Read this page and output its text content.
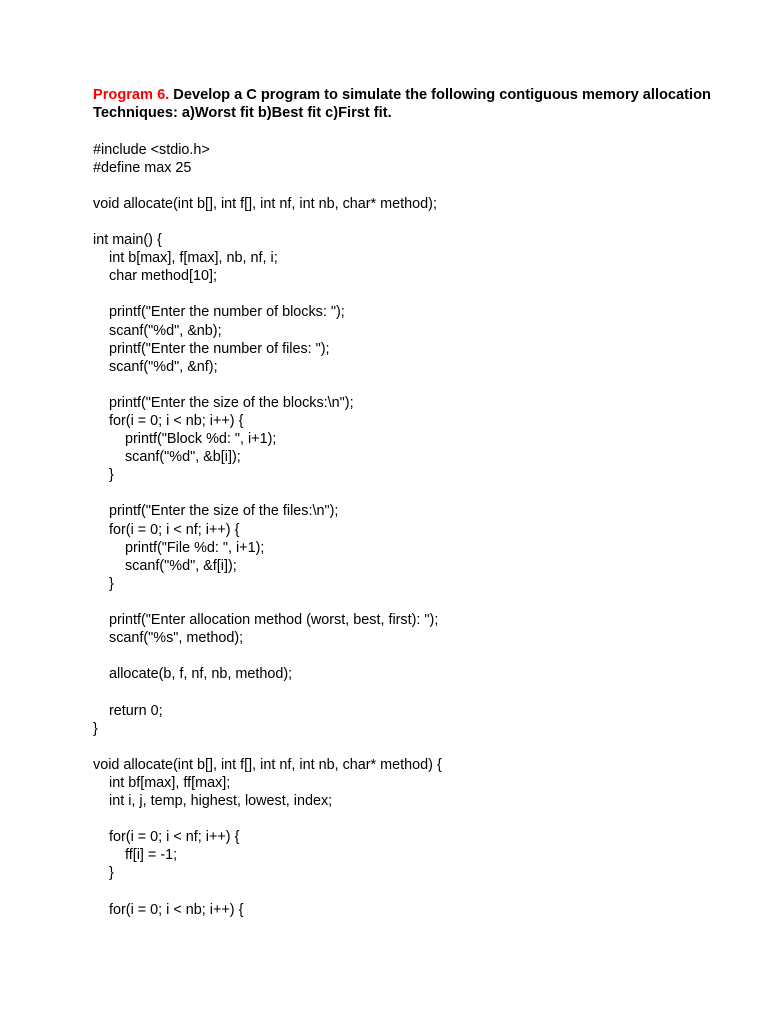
Program 6. Develop a C program to simulate the following contiguous memory allocation Techniques: a)Worst fit b)Best fit c)First fit.

#include <stdio.h>
#define max 25
void allocate(int b[], int f[], int nf, int nb, char* method);
int main() {
int b[max], f[max], nb, nf, i;
char method[10];
printf("Enter the number of blocks: ");
scanf("%d", &nb);
printf("Enter the number of files: ");
scanf("%d", &nf);
printf("Enter the size of the blocks:\n");
for(i = 0; i < nb; i++) {
printf("Block %d: ", i+1);
scanf("%d", &b[i]);
}
printf("Enter the size of the files:\n");
for(i = 0; i < nf; i++) {
printf("File %d: ", i+1);
scanf("%d", &f[i]);
}
printf("Enter allocation method (worst, best, first): ");
scanf("%s", method);
allocate(b, f, nf, nb, method);
return 0;
}
void allocate(int b[], int f[], int nf, int nb, char* method) {
int bf[max], ff[max];
int i, j, temp, highest, lowest, index;
for(i = 0; i < nf; i++) {
ff[i] = -1;
}
for(i = 0; i < nb; i++) {
